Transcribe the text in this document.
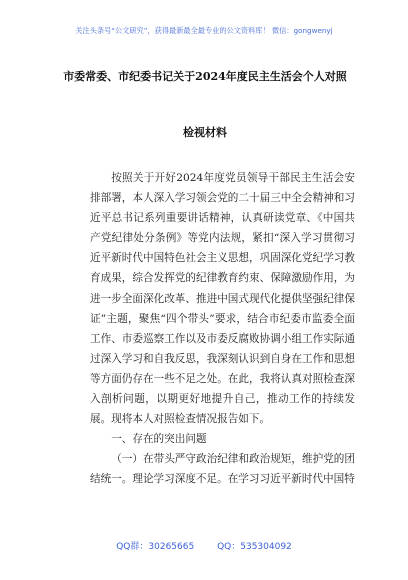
关注头条号“公文研究”，获得最新最全最专业的公文资料库！ 微信：gongwenyj
市委常委、市纪委书记关于2024年度民主生活会个人对照
检视材料

按照关于开好2024年度党员领导干部民主生活会安排部署，本人深入学习领会党的二十届三中全会精神和习近平总书记系列重要讲话精神，认真研读党章、《中国共产党纪律处分条例》等党内法规，紧扣“深入学习贯彻习近平新时代中国特色社会主义思想，巩固深化党纪学习教育成果，综合发挥党的纪律教育约束、保障激励作用，为进一步全面深化改革、推进中国式现代化提供坚强纪律保证”主题，聚焦“四个带头”要求，结合市纪委市监委全面工作、市委巡察工作以及市委反腐败协调小组工作实际通过深入学习和自我反思，我深刻认识到自身在工作和思想等方面仍存在一些不足之处。在此，我将认真对照检查深入剖析问题，以期更好地提升自己，推动工作的持续发展。现将本人对照检查情况报告如下。

一、存在的突出问题

（一）在带头严守政治纪律和政治规矩，维护党的团结统一。理论学习深度不足。在学习习近平新时代中国特

QQ群：30265665	QQ：535304092
